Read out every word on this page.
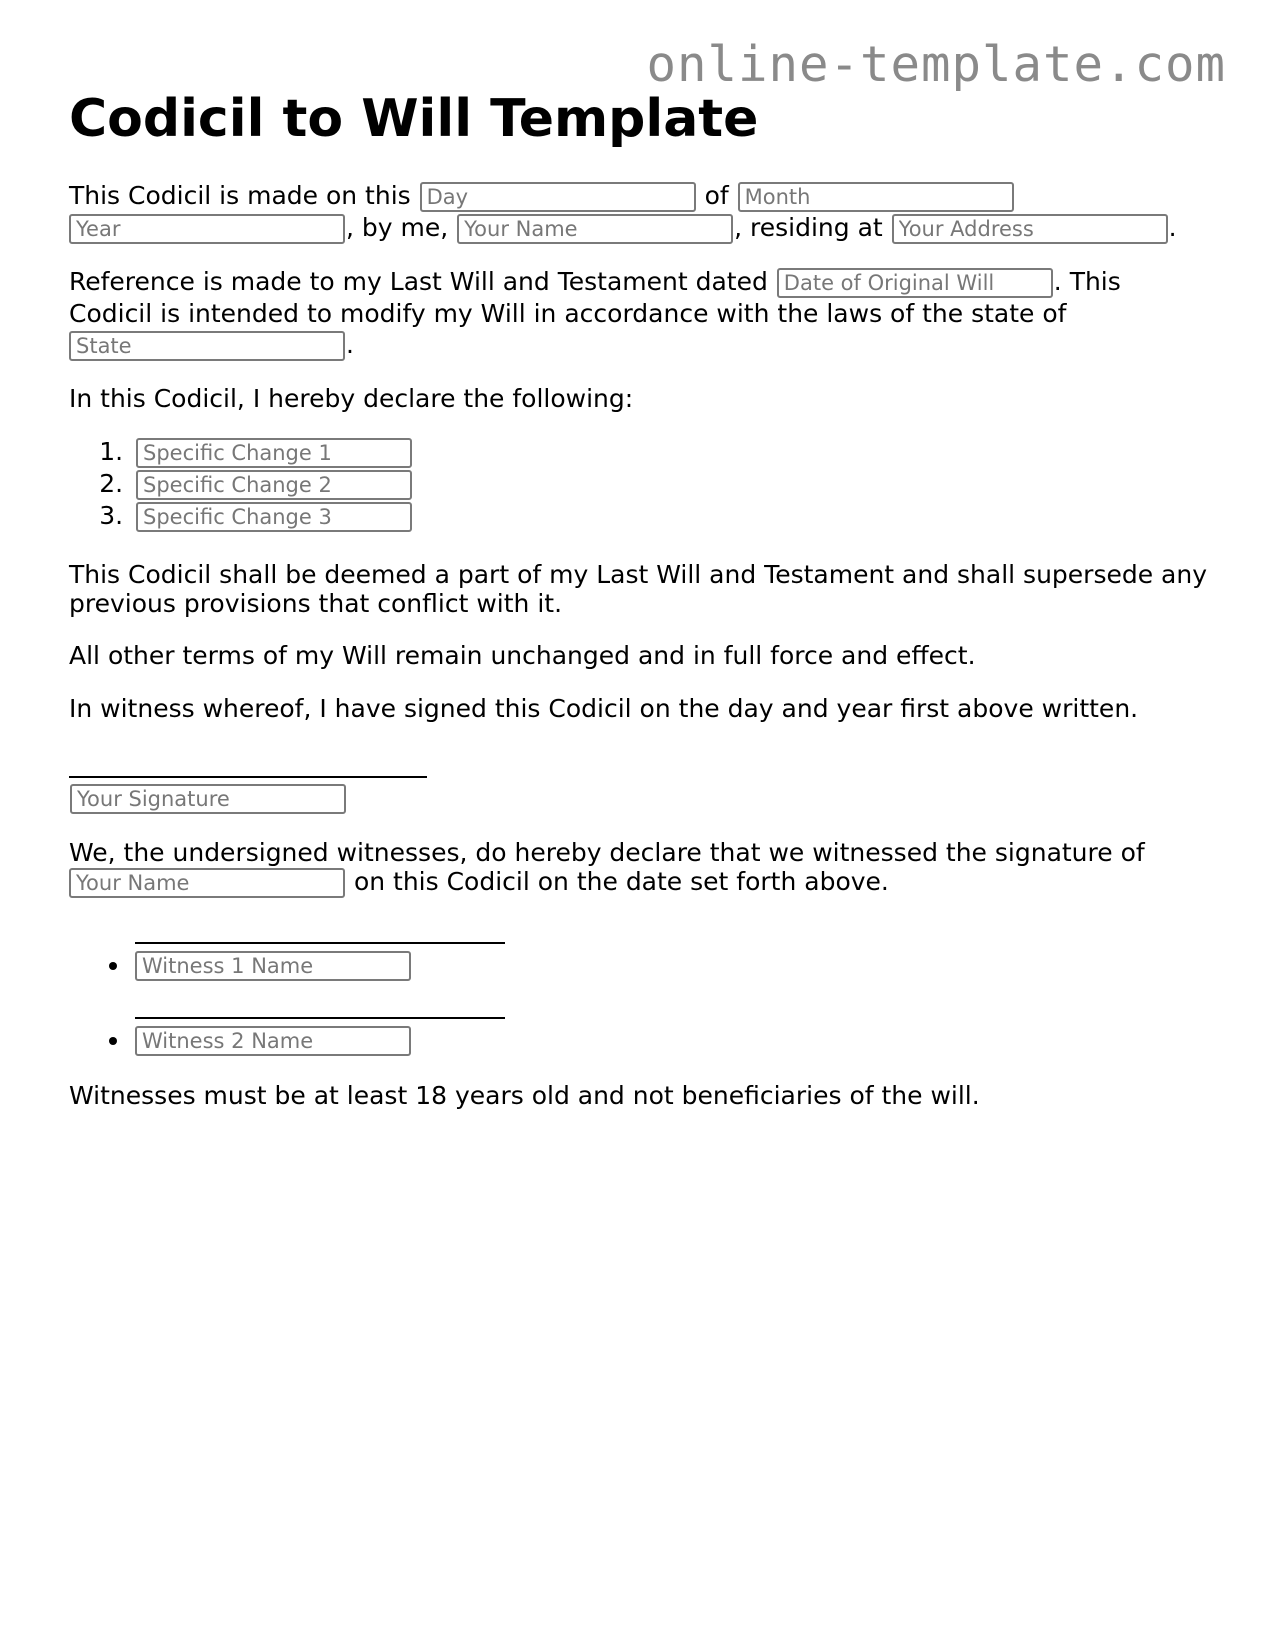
online-template.com
Codicil to Will Template

This Codicil is made on this Day	of Month Year, by me, Your Name	, residing at Your Address	.

Reference is made to my Last Will and Testament dated Date of Original Will	. This Codicil is intended to modify my Will in accordance with the laws of the state of State.

In this Codicil, I hereby declare the following:

1. Specific Change 1
2. Specific Change 2
3. Specific Change 3

This Codicil shall be deemed a part of my Last Will and Testament and shall supersede any previous provisions that conflict with it.

All other terms of my Will remain unchanged and in full force and effect.

In witness whereof, I have signed this Codicil on the day and year first above written.

Your Signature

We, the undersigned witnesses, do hereby declare that we witnessed the signature of Your Name on this Codicil on the date set forth above.

•
Witness 1 Name
•
Witness 2 Name

Witnesses must be at least 18 years old and not beneficiaries of the will.
